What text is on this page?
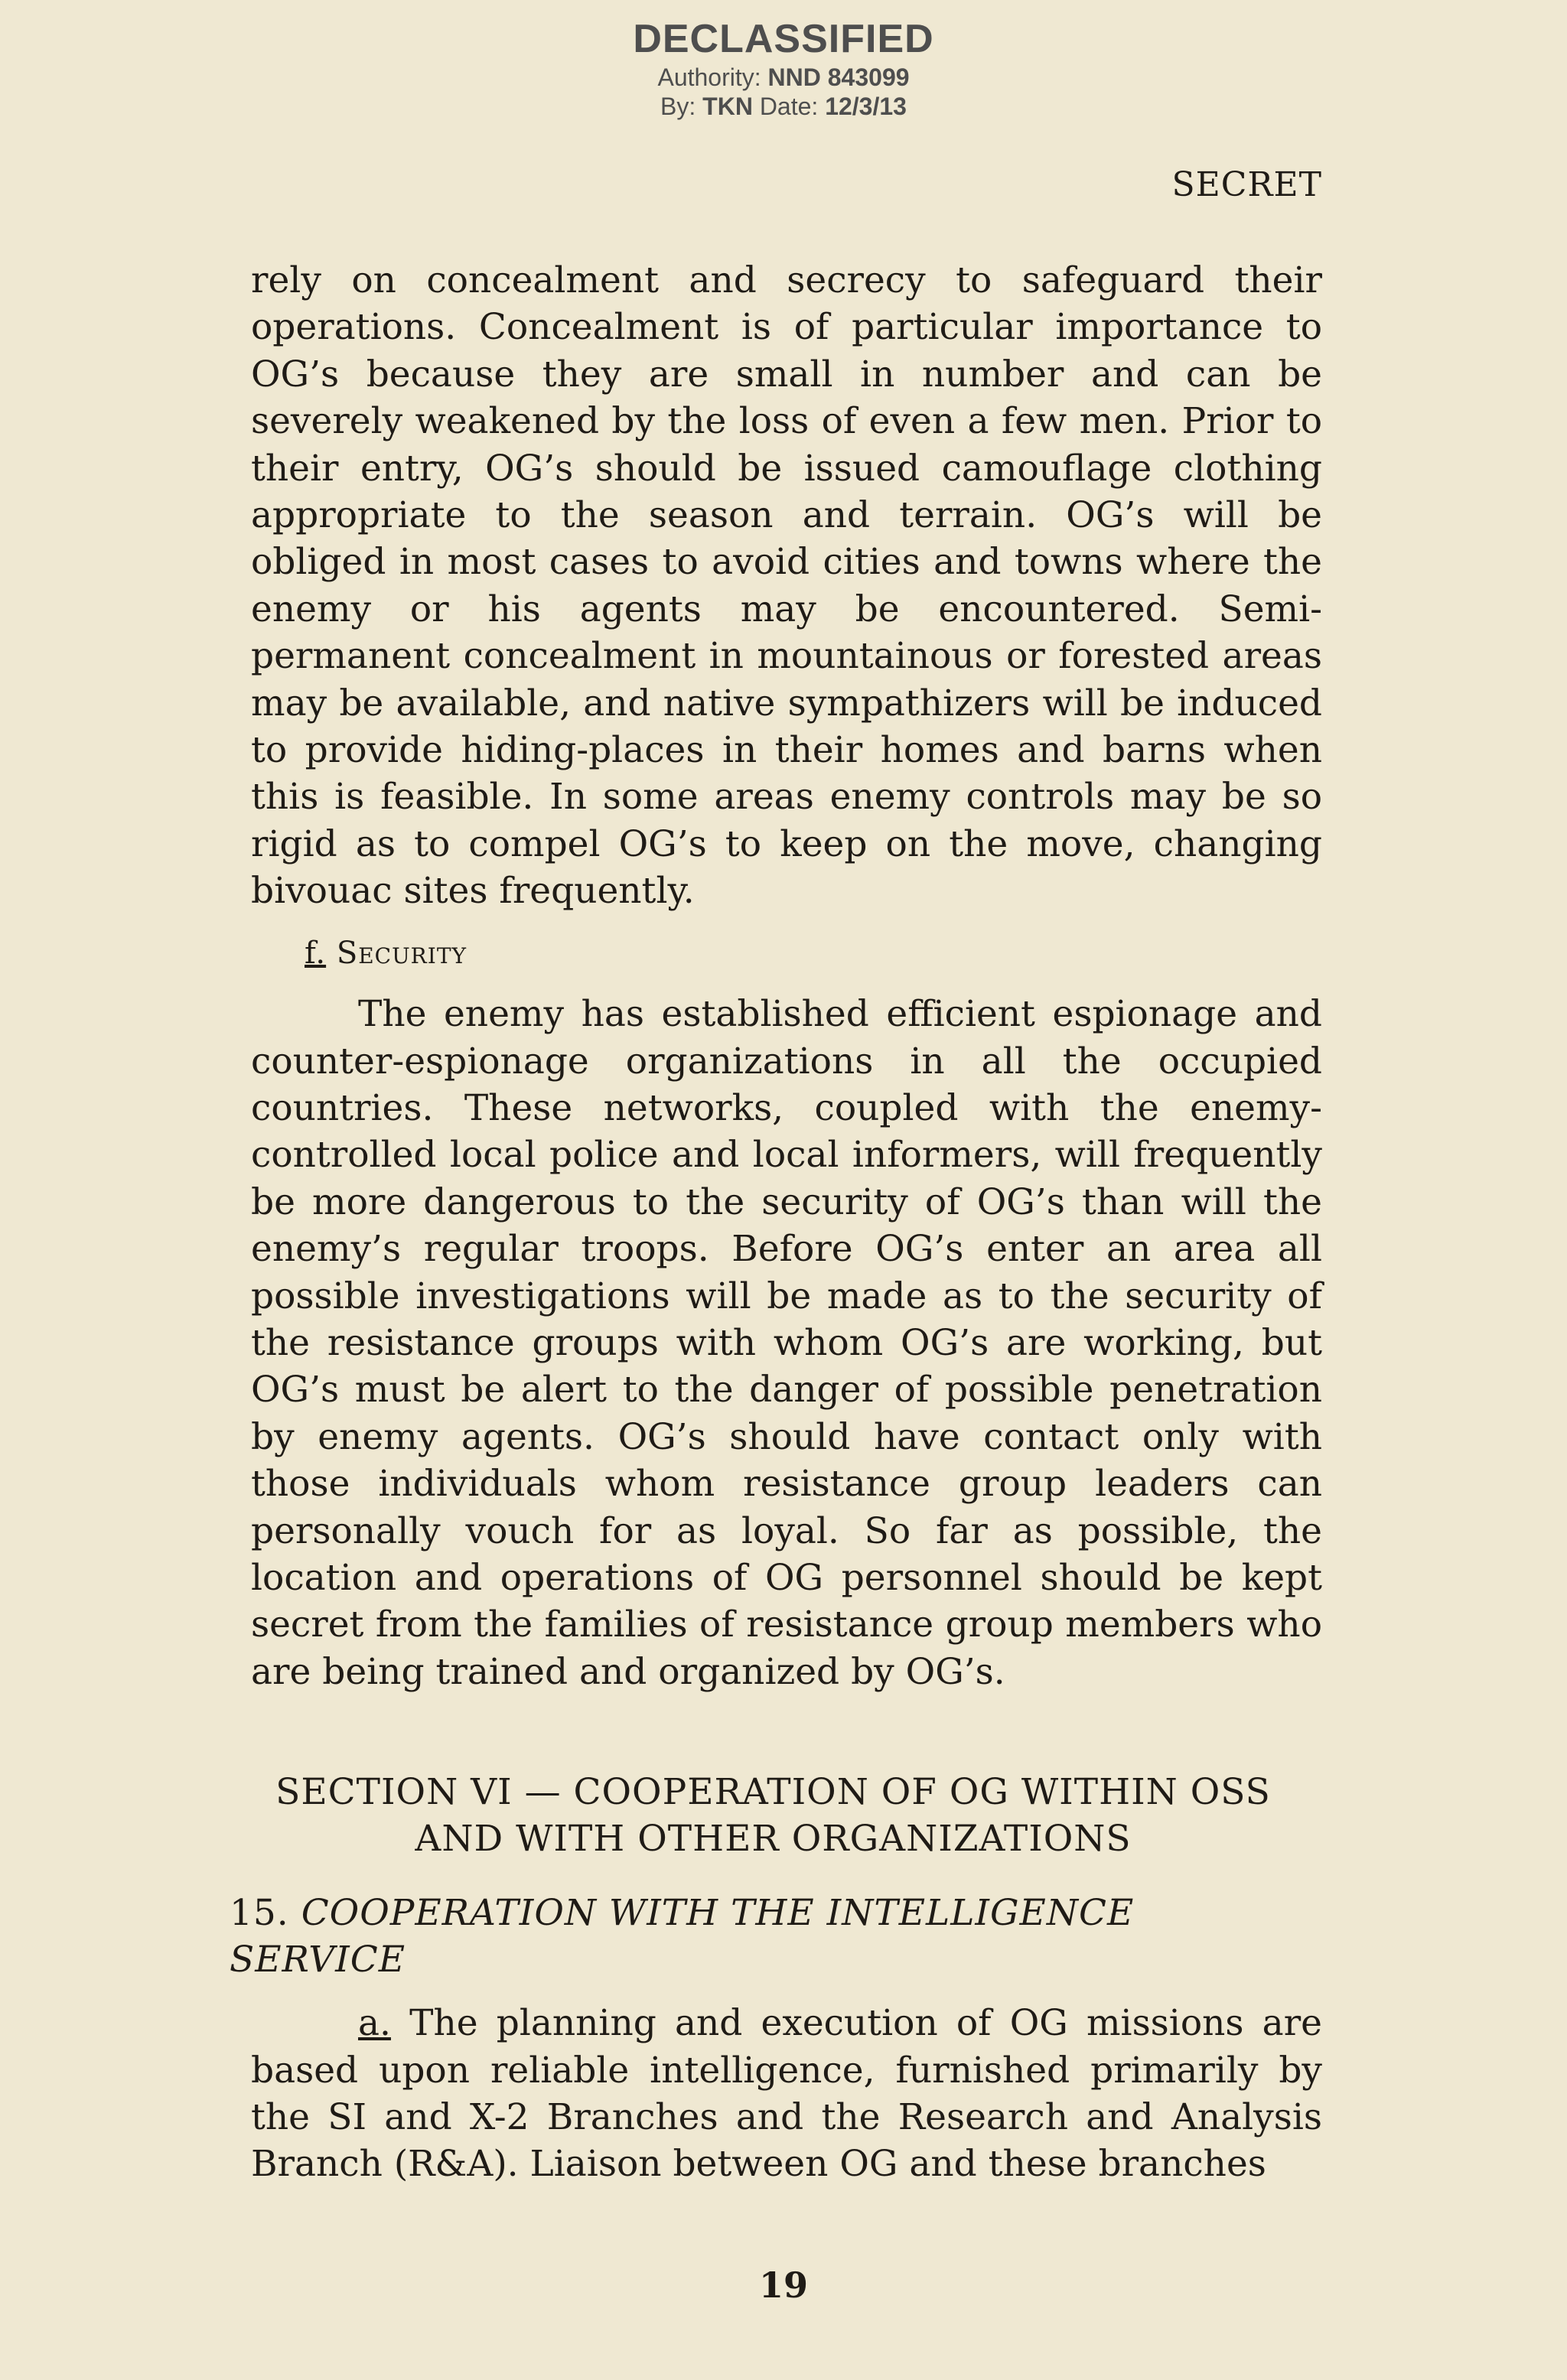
DECLASSIFIED
Authority: NND 843099
By: TKN Date: 12/3/13
SECRET

rely on concealment and secrecy to safeguard their operations. Concealment is of particular importance to OG’s because they are small in number and can be severely weakened by the loss of even a few men. Prior to their entry, OG’s should be issued camouflage clothing appropriate to the season and terrain. OG’s will be obliged in most cases to avoid cities and towns where the enemy or his agents may be encountered. Semi-permanent concealment in mountainous or forested areas may be available, and native sympathizers will be induced to provide hiding-places in their homes and barns when this is feasible. In some areas enemy controls may be so rigid as to compel OG’s to keep on the move, changing bivouac sites frequently.

f. Security

The enemy has established efficient espionage and counter-espionage organizations in all the occupied countries. These networks, coupled with the enemy-controlled local police and local informers, will frequently be more dangerous to the security of OG’s than will the enemy’s regular troops. Before OG’s enter an area all possible investigations will be made as to the security of the resistance groups with whom OG’s are working, but OG’s must be alert to the danger of possible penetration by enemy agents. OG’s should have contact only with those individuals whom resistance group leaders can personally vouch for as loyal. So far as possible, the location and operations of OG personnel should be kept secret from the families of resistance group members who are being trained and organized by OG’s.

SECTION VI — COOPERATION OF OG WITHIN OSS
AND WITH OTHER ORGANIZATIONS

15. COOPERATION WITH THE INTELLIGENCE SERVICE

a. The planning and execution of OG missions are based upon reliable intelligence, furnished primarily by the SI and X-2 Branches and the Research and Analysis Branch (R&A). Liaison between OG and these branches

19
